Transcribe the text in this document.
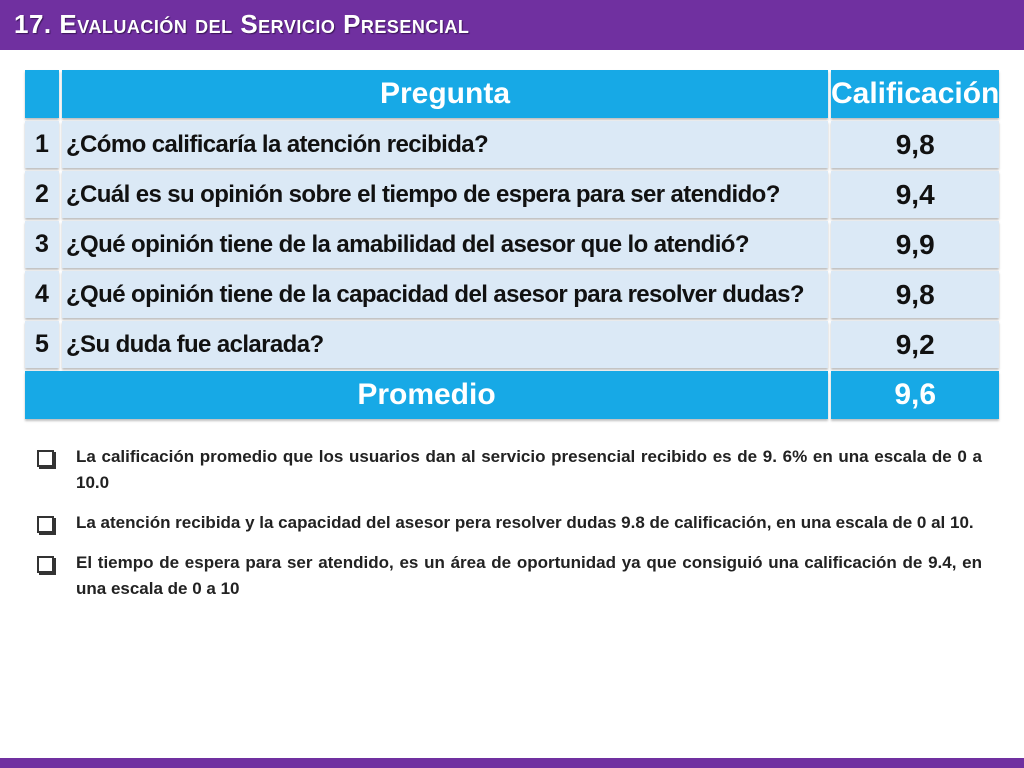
17. Evaluación del Servicio Presencial
	Pregunta	Calificación
1	¿Cómo calificaría la atención recibida?	9,8
2	¿Cuál es su opinión sobre el tiempo de espera para ser atendido?	9,4
3	¿Qué opinión tiene de la amabilidad del asesor que lo atendió?	9,9
4	¿Qué opinión tiene de la capacidad del asesor para resolver dudas?	9,8
5	¿Su duda fue aclarada?	9,2
Promedio		9,6
La calificación promedio que los usuarios dan al servicio presencial recibido es de 9. 6% en una escala de 0 a 10.0
La atención recibida y la capacidad del asesor pera resolver dudas 9.8 de calificación, en una escala de 0 al 10.
El tiempo de espera para ser atendido, es un área de oportunidad ya que consiguió una calificación de 9.4, en una escala de 0 a 10
